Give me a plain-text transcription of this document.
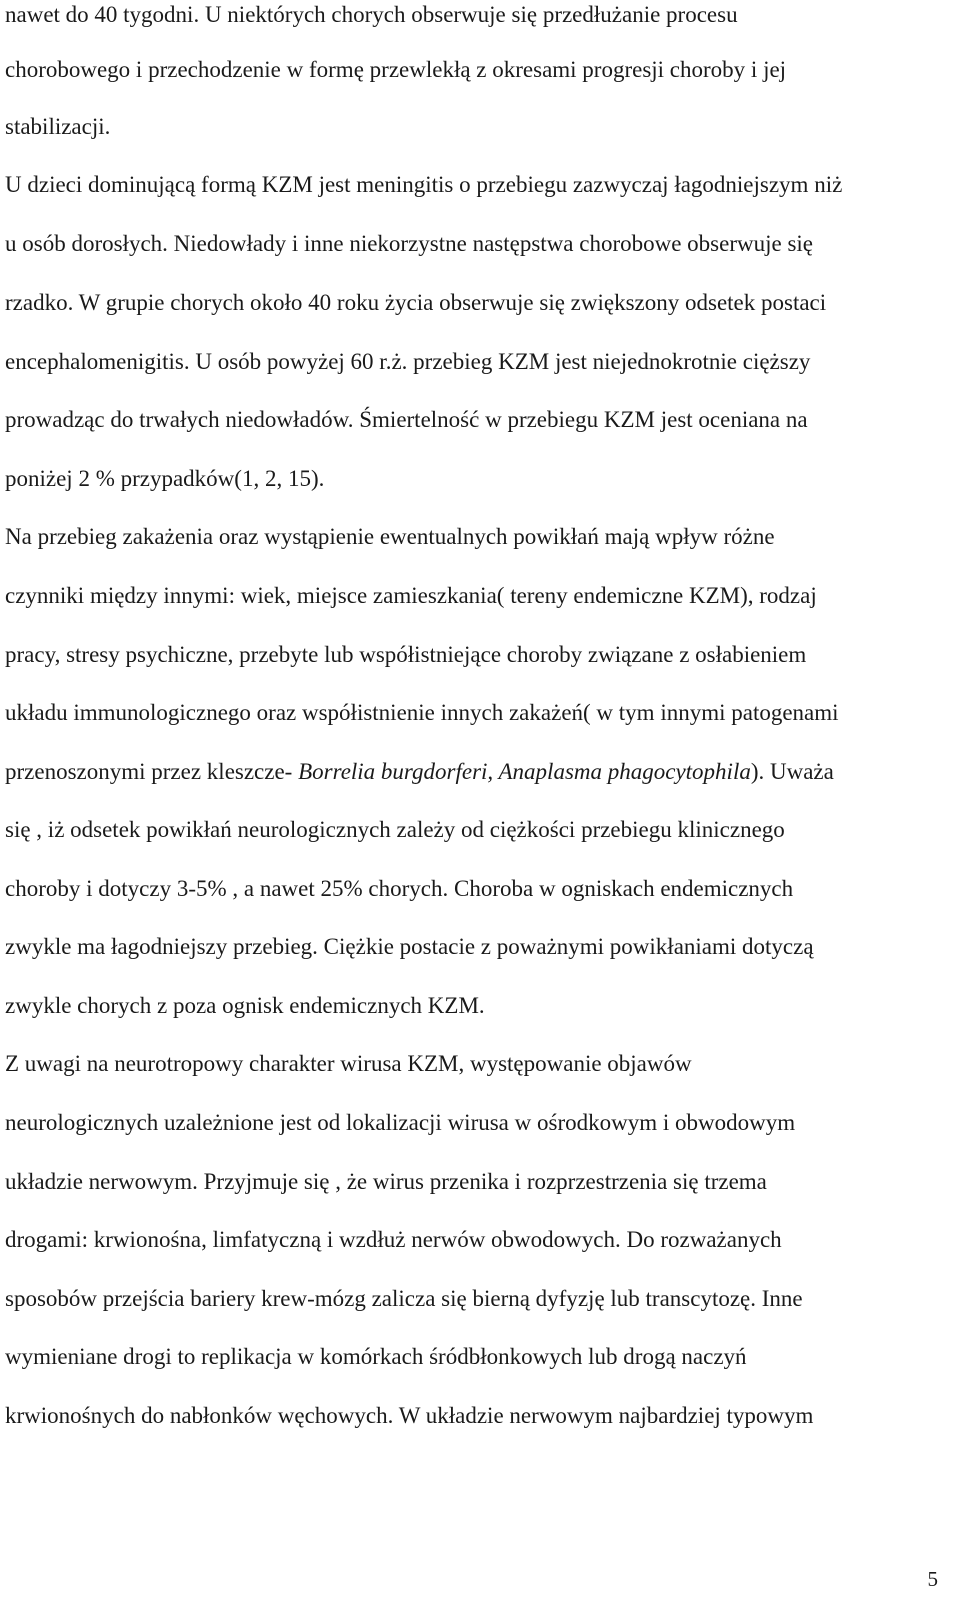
nawet do 40 tygodni. U niektórych chorych obserwuje się przedłużanie procesu
chorobowego i przechodzenie w formę przewlekłą z okresami progresji choroby i jej
stabilizacji.
U dzieci dominującą formą KZM jest meningitis o przebiegu zazwyczaj łagodniejszym niż
u osób dorosłych. Niedowłady i inne niekorzystne następstwa chorobowe obserwuje się
rzadko. W grupie chorych około 40 roku życia obserwuje się zwiększony odsetek postaci
encephalomenigitis. U osób powyżej 60 r.ż. przebieg KZM jest niejednokrotnie cięższy
prowadząc do trwałych niedowładów. Śmiertelność w przebiegu KZM jest oceniana na
poniżej 2 % przypadków(1, 2, 15).
Na przebieg zakażenia oraz wystąpienie ewentualnych powikłań mają wpływ różne
czynniki między innymi: wiek, miejsce zamieszkania( tereny endemiczne KZM), rodzaj
pracy, stresy psychiczne, przebyte lub współistniejące choroby związane z osłabieniem
układu immunologicznego oraz współistnienie innych zakażeń( w tym innymi patogenami
przenoszonymi przez kleszcze- Borrelia burgdorferi, Anaplasma phagocytophila). Uważa
się , iż odsetek powikłań neurologicznych zależy od ciężkości przebiegu klinicznego
choroby i dotyczy 3-5% , a nawet 25% chorych. Choroba w ogniskach endemicznych
zwykle ma łagodniejszy przebieg. Ciężkie postacie z poważnymi powikłaniami dotyczą
zwykle chorych z poza ognisk endemicznych KZM.
Z uwagi na neurotropowy charakter wirusa KZM, występowanie objawów
neurologicznych uzależnione jest od lokalizacji wirusa w ośrodkowym i obwodowym
układzie nerwowym. Przyjmuje się , że wirus przenika i rozprzestrzenia się trzema
drogami: krwionośna, limfatyczną i wzdłuż nerwów obwodowych. Do rozważanych
sposobów przejścia bariery krew-mózg zalicza się bierną dyfyzję lub transcytozę. Inne
wymieniane drogi to replikacja w komórkach śródbłonkowych lub drogą naczyń
krwionośnych do nabłonków węchowych. W układzie nerwowym najbardziej typowym
5
